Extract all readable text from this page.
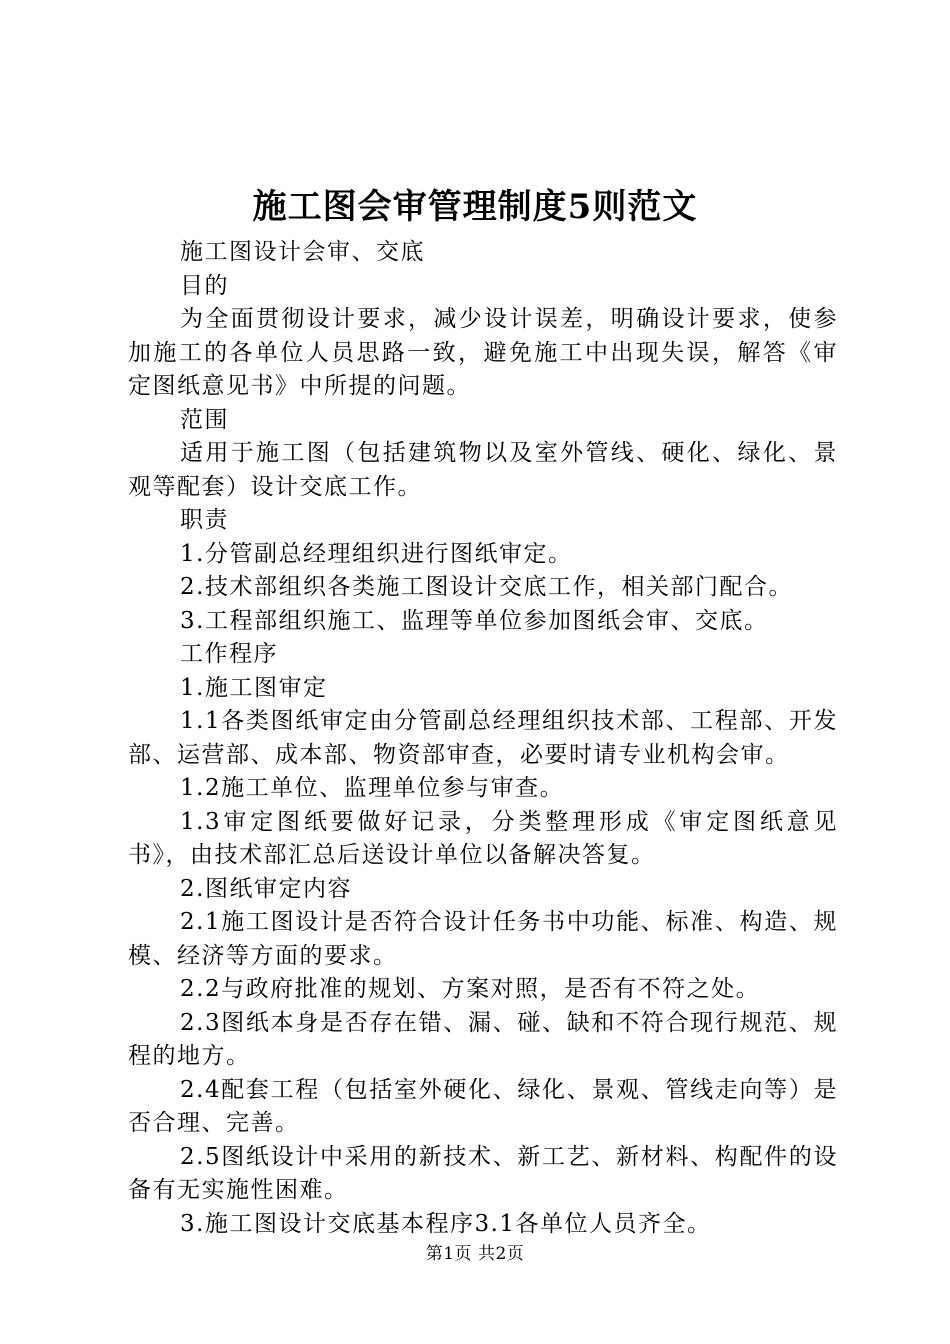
施工图会审管理制度5则范文

施工图设计会审、交底

目的

为全面贯彻设计要求，减少设计误差，明确设计要求，使参加施工的各单位人员思路一致，避免施工中出现失误，解答《审定图纸意见书》中所提的问题。

范围

适用于施工图（包括建筑物以及室外管线、硬化、绿化、景观等配套）设计交底工作。

职责

1.分管副总经理组织进行图纸审定。

2.技术部组织各类施工图设计交底工作，相关部门配合。

3.工程部组织施工、监理等单位参加图纸会审、交底。

工作程序

1.施工图审定

1.1各类图纸审定由分管副总经理组织技术部、工程部、开发部、运营部、成本部、物资部审查，必要时请专业机构会审。

1.2施工单位、监理单位参与审查。

1.3审定图纸要做好记录，分类整理形成《审定图纸意见书》，由技术部汇总后送设计单位以备解决答复。

2.图纸审定内容

2.1施工图设计是否符合设计任务书中功能、标准、构造、规模、经济等方面的要求。

2.2与政府批准的规划、方案对照，是否有不符之处。

2.3图纸本身是否存在错、漏、碰、缺和不符合现行规范、规程的地方。

2.4配套工程（包括室外硬化、绿化、景观、管线走向等）是否合理、完善。

2.5图纸设计中采用的新技术、新工艺、新材料、构配件的设备有无实施性困难。

3.施工图设计交底基本程序3.1各单位人员齐全。

第1页 共2页
